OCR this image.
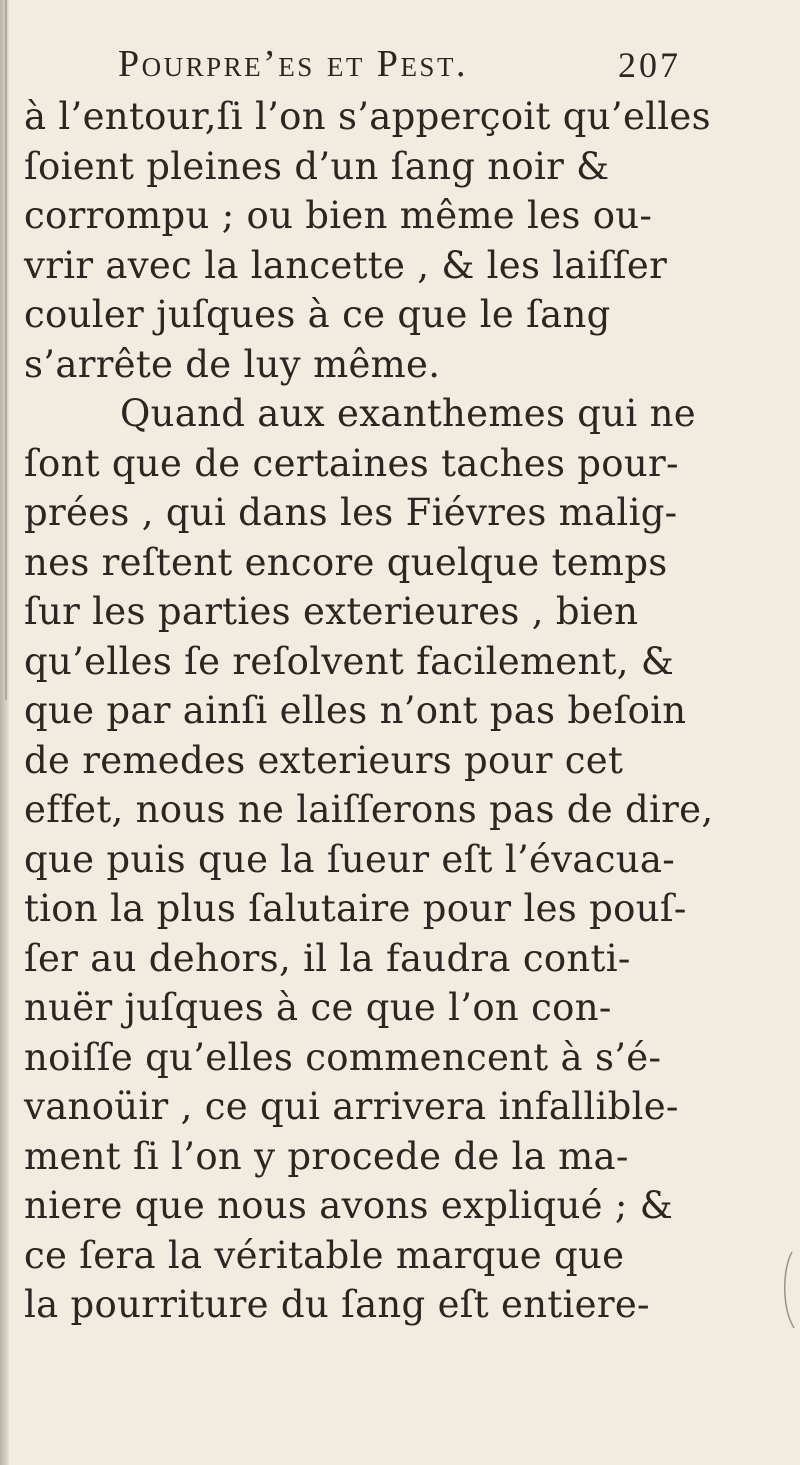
Pourpre’es et Pest.	207
à l’entour,ſi l’on s’apperçoit qu’elles
ſoient pleines d’un ſang noir &
corrompu ; ou bien même les ou-
vrir avec la lancette , & les laiſſer
couler juſques à ce que le ſang
s’arrête de luy même.
Quand aux exanthemes qui ne
ſont que de certaines taches pour-
prées , qui dans les Fiévres malig-
nes reſtent encore quelque temps
ſur les parties exterieures , bien
qu’elles ſe reſolvent facilement, &
que par ainſi elles n’ont pas beſoin
de remedes exterieurs pour cet
effet, nous ne laiſſerons pas de dire,
que puis que la ſueur eſt l’évacua-
tion la plus ſalutaire pour les pouſ-
ſer au dehors, il la faudra conti-
nuër juſques à ce que l’on con-
noiſſe qu’elles commencent à s’é-
vanoüir , ce qui arrivera infallible-
ment ſi l’on y procede de la ma-
niere que nous avons expliqué ; &
ce ſera la véritable marque que
la pourriture du ſang eſt entiere-
